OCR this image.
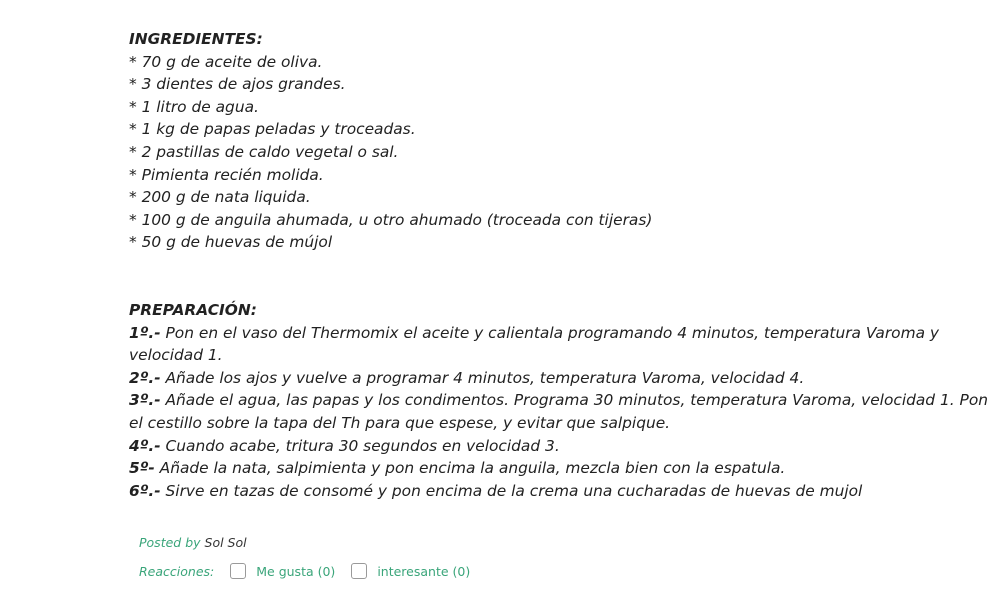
INGREDIENTES:
* 70 g de aceite de oliva.
* 3 dientes de ajos grandes.
* 1 litro de agua.
* 1 kg de papas peladas y troceadas.
* 2 pastillas de caldo vegetal o sal.
* Pimienta recién molida.
* 200 g de nata liquida.
* 100 g de anguila ahumada, u otro ahumado (troceada con tijeras)
* 50 g de huevas de mújol
PREPARACIÓN:
1º.- Pon en el vaso del Thermomix el aceite y calientala programando 4 minutos, temperatura Varoma y velocidad 1.
2º.- Añade los ajos y vuelve a programar 4 minutos, temperatura Varoma, velocidad 4.
3º.- Añade el agua, las papas y los condimentos. Programa 30 minutos, temperatura Varoma, velocidad 1. Pon el cestillo sobre la tapa del Th para que espese, y evitar que salpique.
4º.- Cuando acabe, tritura 30 segundos en velocidad 3.
5º- Añade la nata, salpimienta y pon encima la anguila, mezcla bien con la espatula.
6º.- Sirve en tazas de consomé y pon encima de la crema una cucharadas de huevas de mujol
Posted by Sol Sol
Reacciones:	Me gusta (0)	interesante (0)
